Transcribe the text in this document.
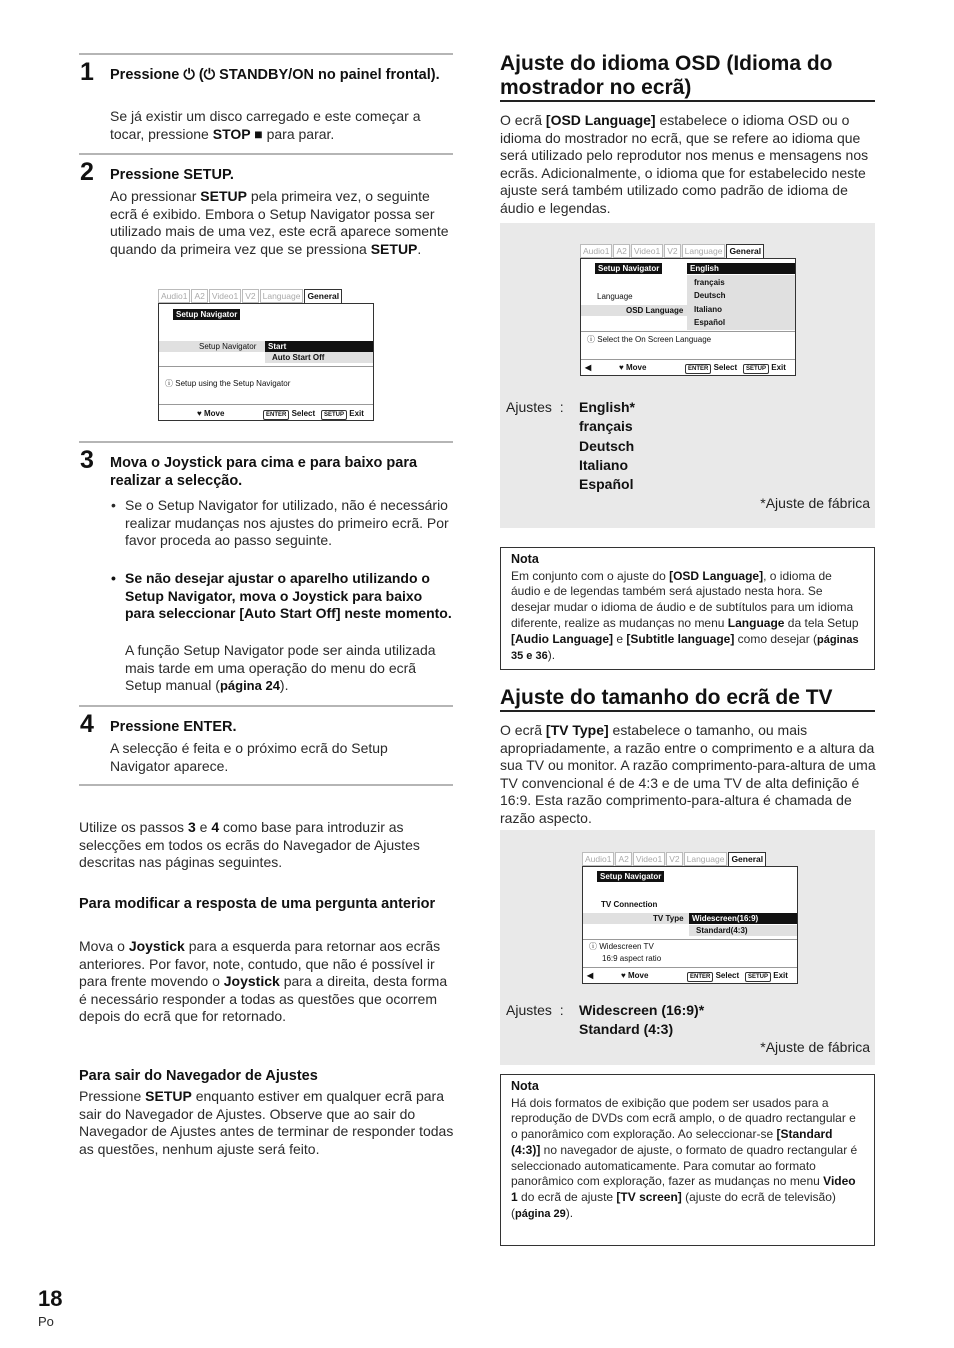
1 Pressione ⏻ (⏻ STANDBY/ON no painel frontal).
Se já existir um disco carregado e este começar a tocar, pressione STOP ■ para parar.
2 Pressione SETUP.
Ao pressionar SETUP pela primeira vez, o seguinte ecrã é exibido. Embora o Setup Navigator possa ser utilizado mais de uma vez, este ecrã aparece somente quando da primeira vez que se pressiona SETUP.
Audio1 A2 Video1 V2 Language General
Setup Navigator
Setup Navigator	Start
Auto Start Off
ⓘ Setup using the Setup Navigator
♥ Move	ENTER Select	SETUP Exit
3 Mova o Joystick para cima e para baixo para realizar a selecção.
• Se o Setup Navigator for utilizado, não é necessário realizar mudanças nos ajustes do primeiro ecrã. Por favor proceda ao passo seguinte.
• Se não desejar ajustar o aparelho utilizando o Setup Navigator, mova o Joystick para baixo para seleccionar [Auto Start Off] neste momento.
A função Setup Navigator pode ser ainda utilizada mais tarde em uma operação do menu do ecrã Setup manual (página 24).
4 Pressione ENTER.
A selecção é feita e o próximo ecrã do Setup Navigator aparece.
Utilize os passos 3 e 4 como base para introduzir as selecções em todos os ecrãs do Navegador de Ajustes descritas nas páginas seguintes.
Para modificar a resposta de uma pergunta anterior
Mova o Joystick para a esquerda para retornar aos ecrãs anteriores. Por favor, note, contudo, que não é possível ir para frente movendo o Joystick para a direita, desta forma é necessário responder a todas as questões que ocorrem depois do ecrã que for retornado.
Para sair do Navegador de Ajustes
Pressione SETUP enquanto estiver em qualquer ecrã para sair do Navegador de Ajustes. Observe que ao sair do Navegador de Ajustes antes de terminar de responder todas as questões, nenhum ajuste será feito.
Ajuste do idioma OSD (Idioma do mostrador no ecrã)
O ecrã [OSD Language] estabelece o idioma OSD ou o idioma do mostrador no ecrã, que se refere ao idioma que será utilizado pelo reprodutor nos menus e mensagens nos ecrãs. Adicionalmente, o idioma que for estabelecido neste ajuste será também utilizado como padrão de idioma de áudio e legendas.
Audio1 A2 Video1 V2 Language General
Setup Navigator
Language
OSD Language
English
français
Deutsch
Italiano
Español
ⓘ Select the On Screen Language
◀	♥ Move	ENTER Select	SETUP Exit
Ajustes : English*
français
Deutsch
Italiano
Español
*Ajuste de fábrica
Nota
Em conjunto com o ajuste do [OSD Language], o idioma de áudio e de legendas também será ajustado nesta hora. Se desejar mudar o idioma de áudio e de subtítulos para um idioma diferente, realize as mudanças no menu Language da tela Setup [Audio Language] e [Subtitle language] como desejar (páginas 35 e 36).
Ajuste do tamanho do ecrã de TV
O ecrã [TV Type] estabelece o tamanho, ou mais apropriadamente, a razão entre o comprimento e a altura da sua TV ou monitor. A razão comprimento-para-altura de uma TV convencional é de 4:3 e de uma TV de alta definição é 16:9. Esta razão comprimento-para-altura é chamada de razão aspecto.
Audio1 A2 Video1 V2 Language General
Setup Navigator
TV Connection
TV Type	Widescreen(16:9)
Standard(4:3)
ⓘ Widescreen TV
16:9 aspect ratio
◀	♥ Move	ENTER Select	SETUP Exit
Ajustes : Widescreen (16:9)*
Standard (4:3)
*Ajuste de fábrica
Nota
Há dois formatos de exibição que podem ser usados para a reprodução de DVDs com ecrã amplo, o de quadro rectangular e o panorâmico com exploração. Ao seleccionar-se [Standard (4:3)] no navegador de ajuste, o formato de quadro rectangular é seleccionado automaticamente. Para comutar ao formato panorâmico com exploração, fazer as mudanças no menu Video 1 do ecrã de ajuste [TV screen] (ajuste do ecrã de televisão) (página 29).
18
Po
